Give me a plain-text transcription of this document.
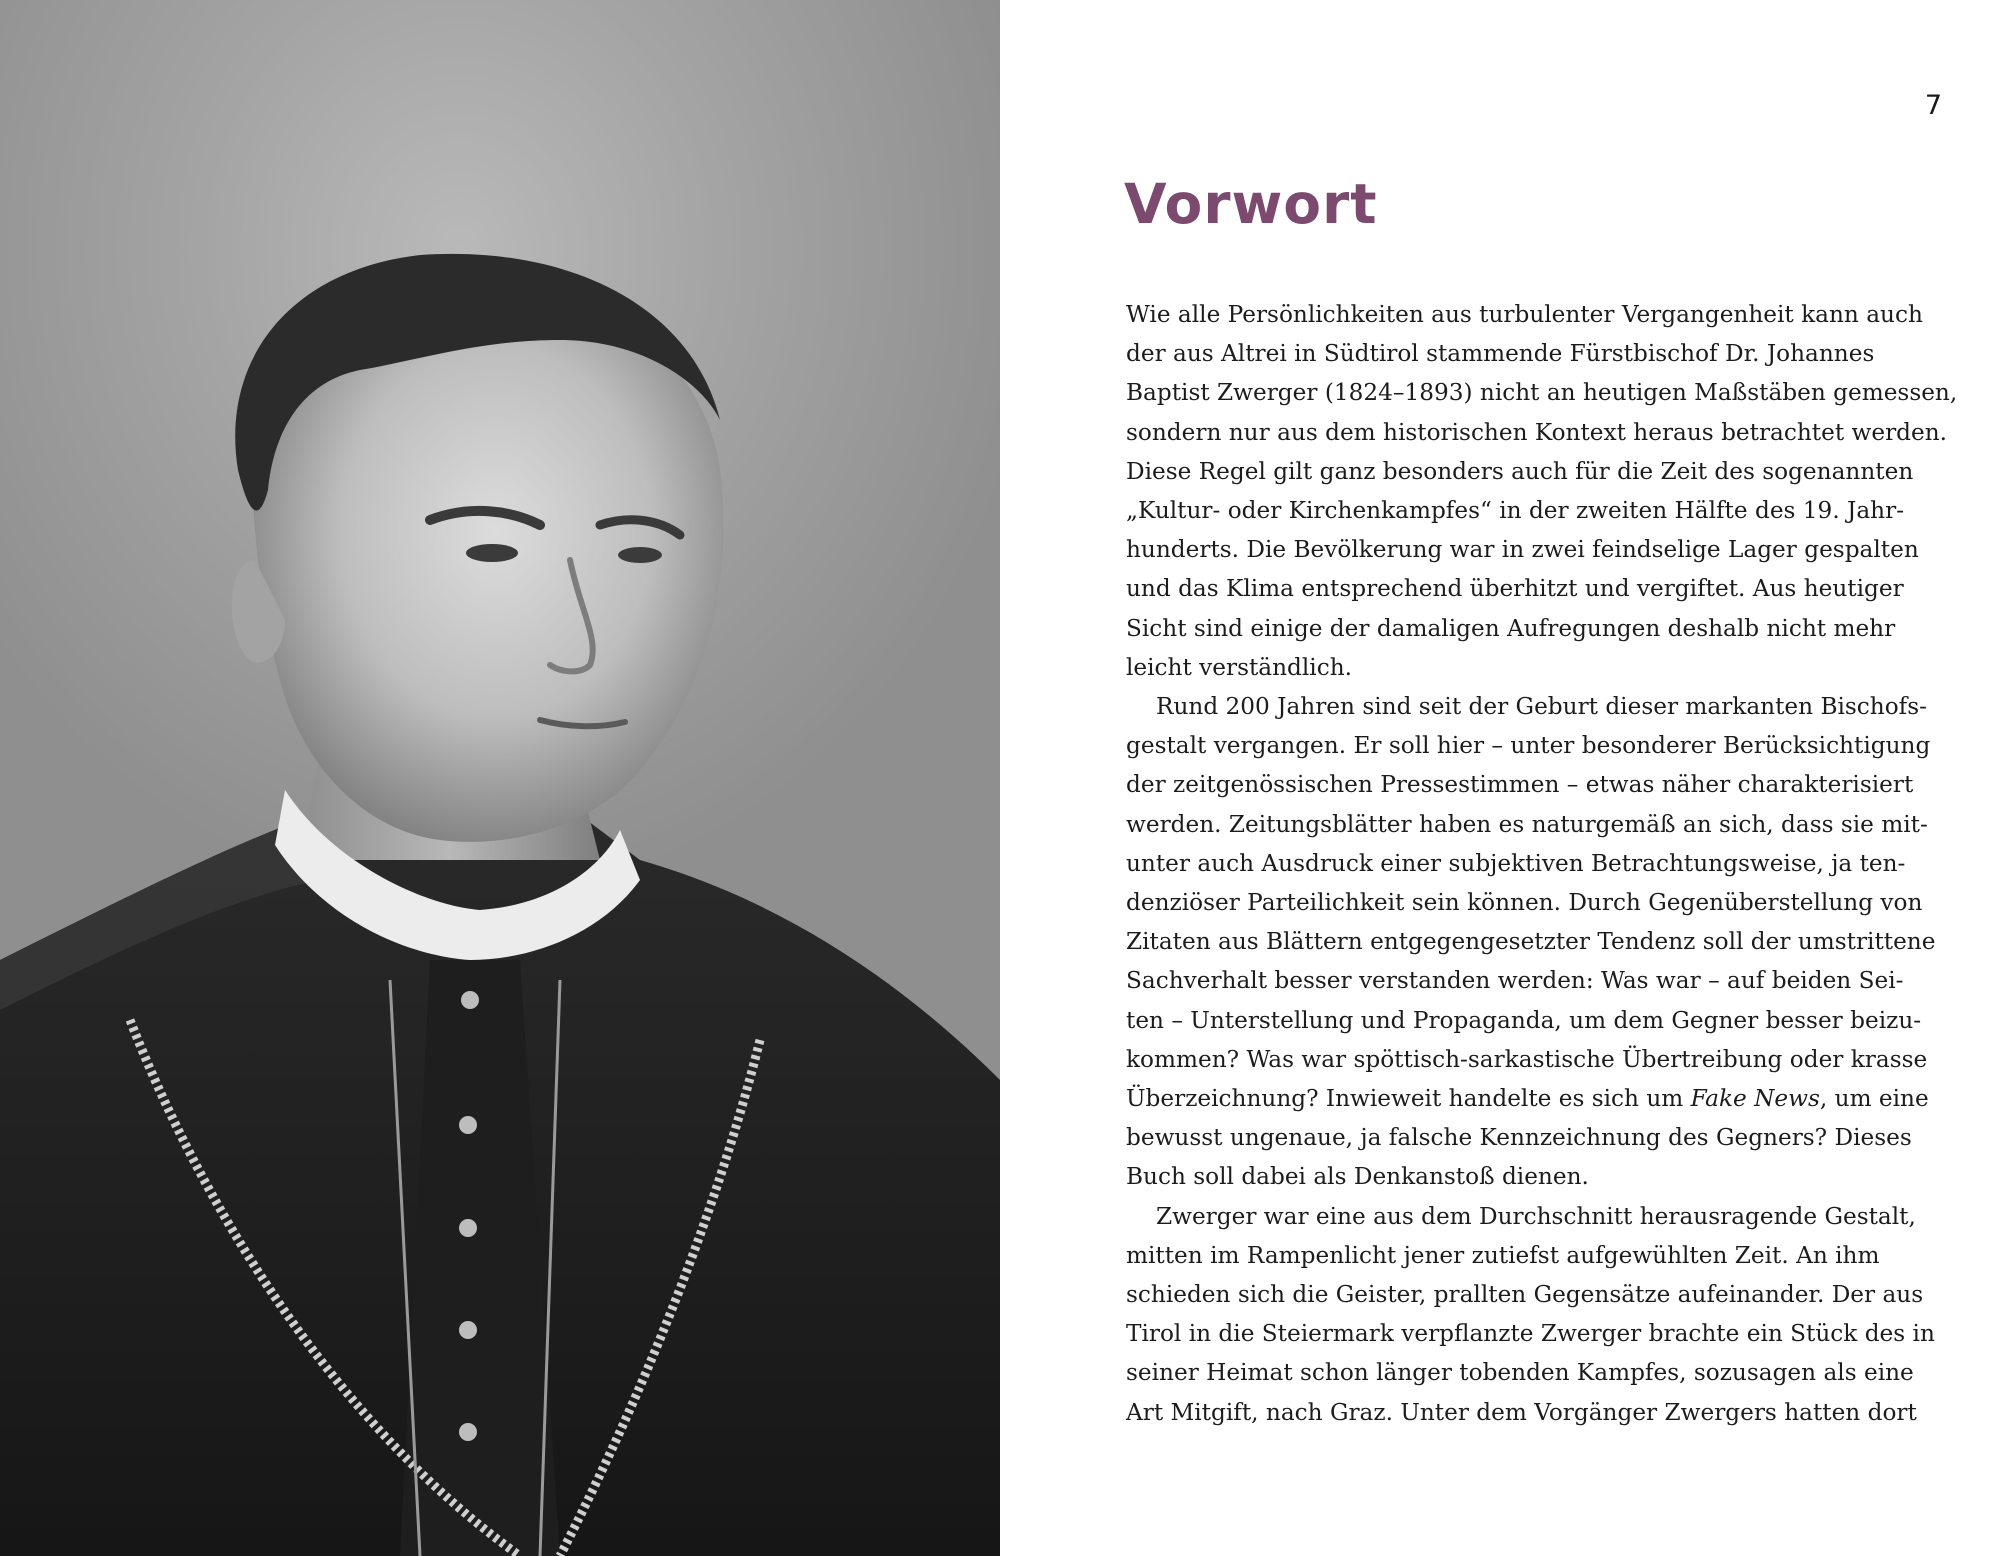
7
Vorwort
Wie alle Persönlichkeiten aus turbulenter Vergangenheit kann auch
der aus Altrei in Südtirol stammende Fürstbischof Dr. Johannes
Baptist Zwerger (1824–1893) nicht an heutigen Maßstäben gemessen,
sondern nur aus dem historischen Kontext heraus betrachtet werden.
Diese Regel gilt ganz besonders auch für die Zeit des sogenannten
„Kultur- oder Kirchenkampfes“ in der zweiten Hälfte des 19. Jahr-
hunderts. Die Bevölkerung war in zwei feindselige Lager gespalten
und das Klima entsprechend überhitzt und vergiftet. Aus heutiger
Sicht sind einige der damaligen Aufregungen deshalb nicht mehr
leicht verständlich.
Rund 200 Jahren sind seit der Geburt dieser markanten Bischofs-
gestalt vergangen. Er soll hier – unter besonderer Berücksichtigung
der zeitgenössischen Pressestimmen – etwas näher charakterisiert
werden. Zeitungsblätter haben es naturgemäß an sich, dass sie mit-
unter auch Ausdruck einer subjektiven Betrachtungsweise, ja ten-
denziöser Parteilichkeit sein können. Durch Gegenüberstellung von
Zitaten aus Blättern entgegengesetzter Tendenz soll der umstrittene
Sachverhalt besser verstanden werden: Was war – auf beiden Sei-
ten – Unterstellung und Propaganda, um dem Gegner besser beizu-
kommen? Was war spöttisch-sarkastische Übertreibung oder krasse
Überzeichnung? Inwieweit handelte es sich um Fake News, um eine
bewusst ungenaue, ja falsche Kennzeichnung des Gegners? Dieses
Buch soll dabei als Denkanstoß dienen.
Zwerger war eine aus dem Durchschnitt herausragende Gestalt,
mitten im Rampenlicht jener zutiefst aufgewühlten Zeit. An ihm
schieden sich die Geister, prallten Gegensätze aufeinander. Der aus
Tirol in die Steiermark verpflanzte Zwerger brachte ein Stück des in
seiner Heimat schon länger tobenden Kampfes, sozusagen als eine
Art Mitgift, nach Graz. Unter dem Vorgänger Zwergers hatten dort
